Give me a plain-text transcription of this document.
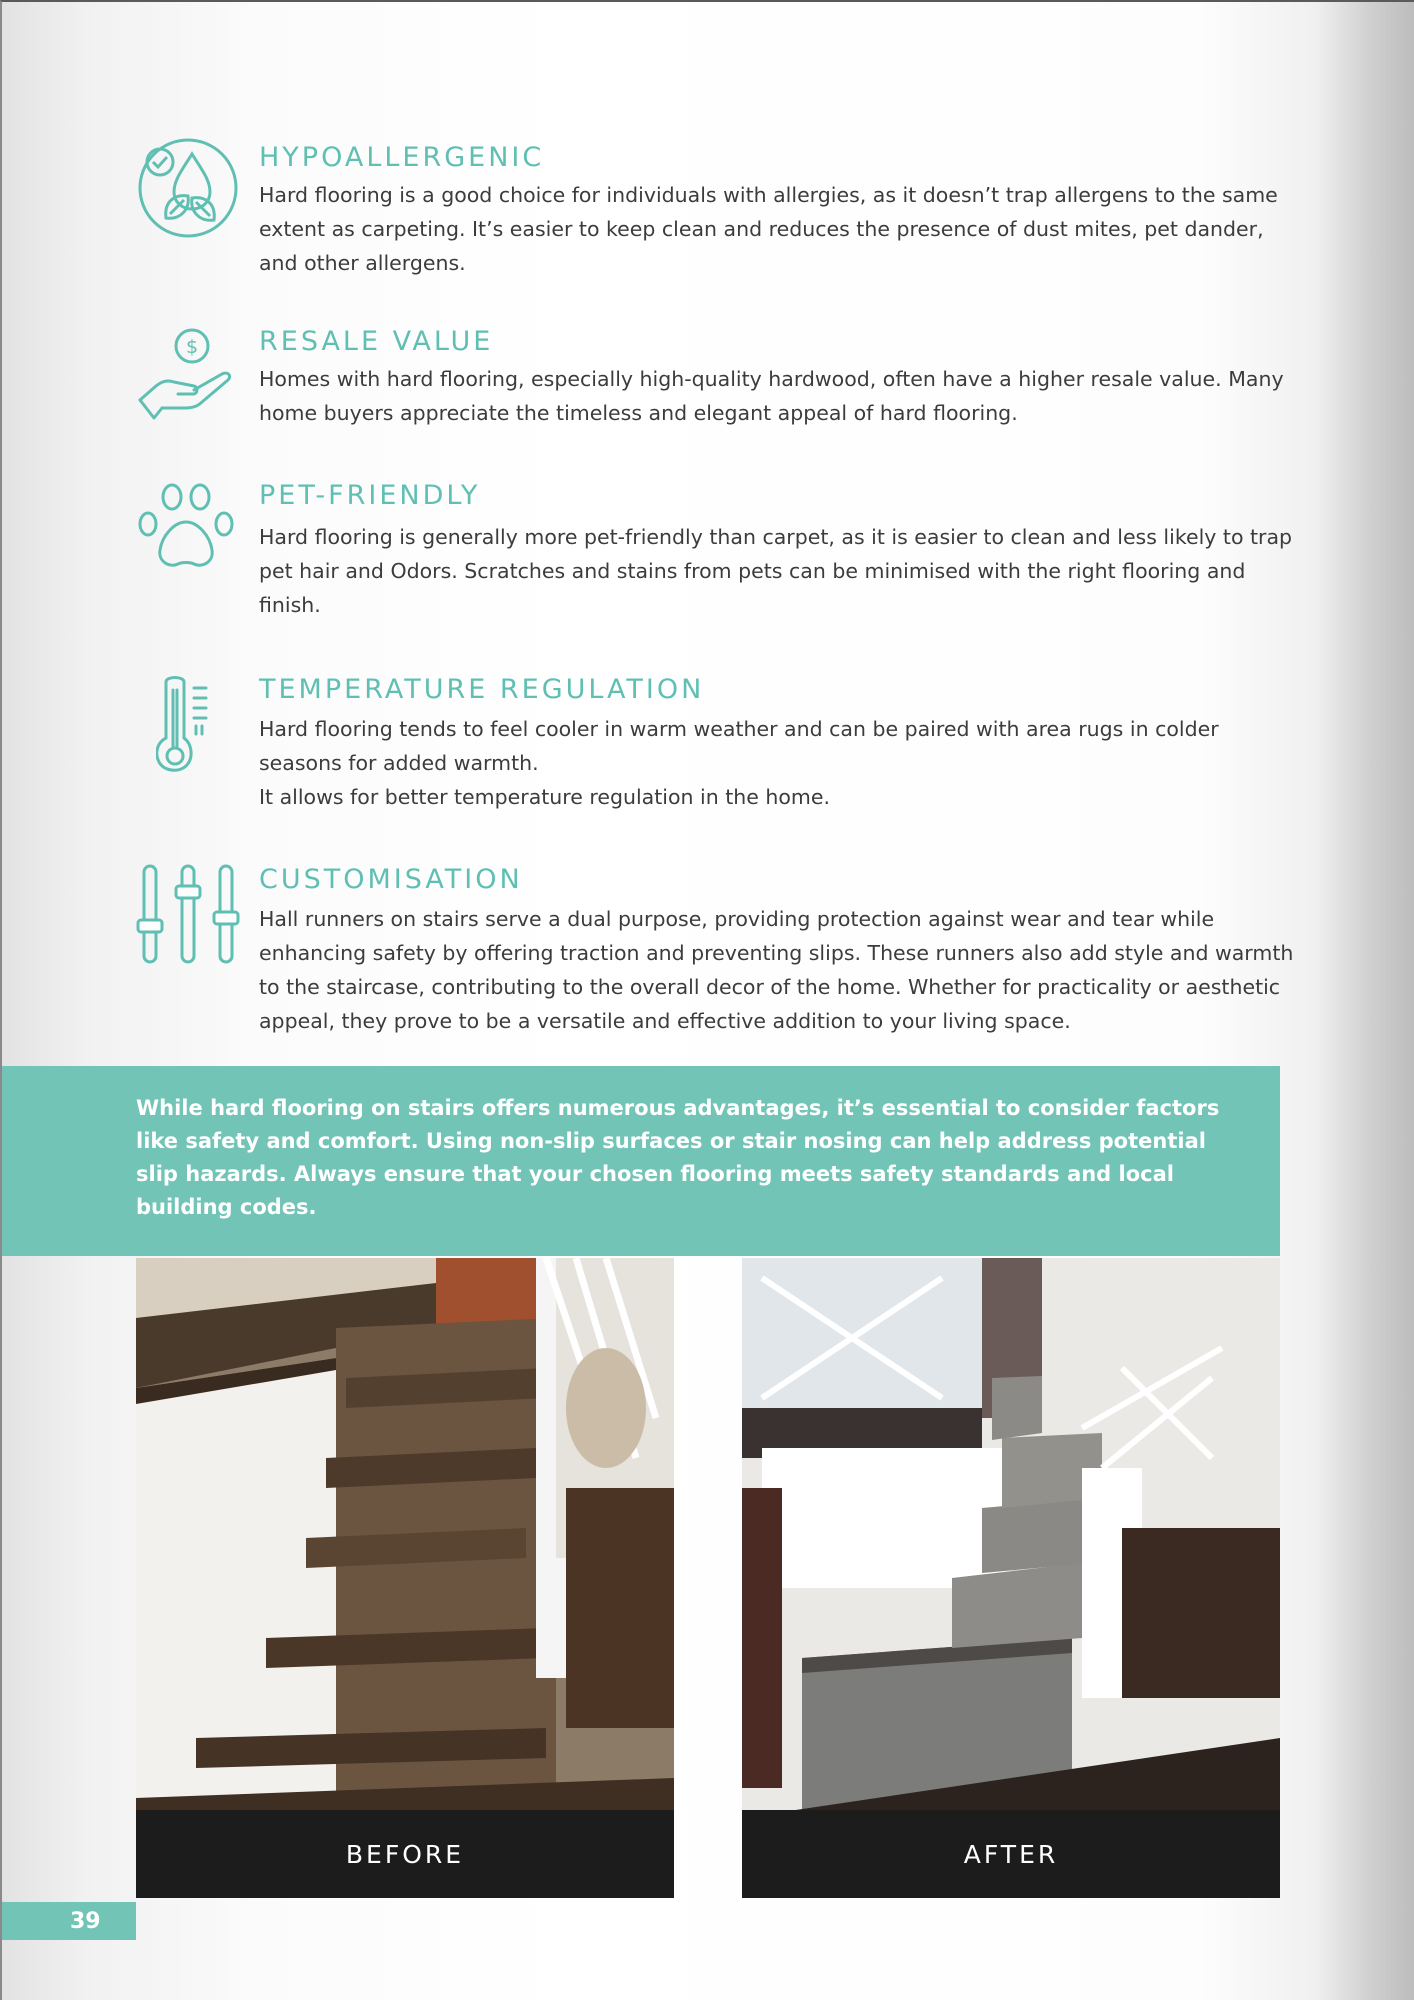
HYPOALLERGENIC
Hard flooring is a good choice for individuals with allergies, as it doesn’t trap allergens to the same extent as carpeting. It’s easier to keep clean and reduces the presence of dust mites, pet dander, and other allergens.
$ RESALE VALUE
Homes with hard flooring, especially high-quality hardwood, often have a higher resale value. Many home buyers appreciate the timeless and elegant appeal of hard flooring.
PET-FRIENDLY
Hard flooring is generally more pet-friendly than carpet, as it is easier to clean and less likely to trap pet hair and Odors. Scratches and stains from pets can be minimised with the right flooring and finish.
TEMPERATURE REGULATION
Hard flooring tends to feel cooler in warm weather and can be paired with area rugs in colder seasons for added warmth.
It allows for better temperature regulation in the home.
CUSTOMISATION
Hall runners on stairs serve a dual purpose, providing protection against wear and tear while enhancing safety by offering traction and preventing slips. These runners also add style and warmth to the staircase, contributing to the overall decor of the home. Whether for practicality or aesthetic appeal, they prove to be a versatile and effective addition to your living space.
While hard flooring on stairs offers numerous advantages, it’s essential to consider factors like safety and comfort. Using non-slip surfaces or stair nosing can help address potential slip hazards. Always ensure that your chosen flooring meets safety standards and local building codes.
BEFORE	AFTER
39
